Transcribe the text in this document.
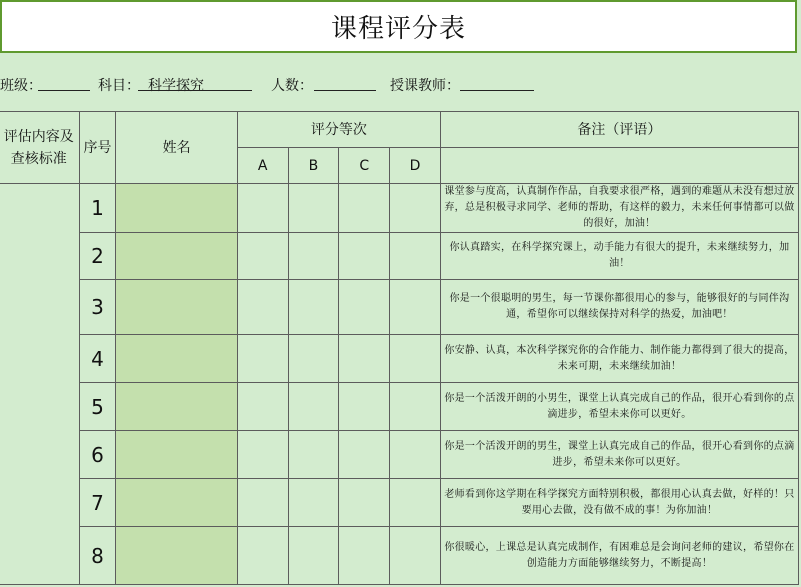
课程评分表
班级：	科目： 科学探究	人数：	授课教师：
评估内容及查核标准	序号	姓名	评分等次				备注（评语）
			A	B	C	D	
	1						课堂参与度高，认真制作作品，自我要求很严格，遇到的难题从未没有想过放弃，总是积极寻求同学、老师的帮助，有这样的毅力，未来任何事情都可以做的很好，加油！
	2						你认真踏实，在科学探究课上，动手能力有很大的提升，未来继续努力，加油！
	3						你是一个很聪明的男生，每一节课你都很用心的参与，能够很好的与同伴沟通，希望你可以继续保持对科学的热爱，加油吧！
	4						你安静、认真，本次科学探究你的合作能力、制作能力都得到了很大的提高，未来可期，未来继续加油！
	5						你是一个活泼开朗的小男生，课堂上认真完成自己的作品，很开心看到你的点滴进步，希望未来你可以更好。
	6						你是一个活泼开朗的男生，课堂上认真完成自己的作品，很开心看到你的点滴进步，希望未来你可以更好。
	7						老师看到你这学期在科学探究方面特别积极，都很用心认真去做，好样的！只要用心去做，没有做不成的事！为你加油！
	8						你很暖心，上课总是认真完成制作，有困难总是会询问老师的建议，希望你在创造能力方面能够继续努力，不断提高！
